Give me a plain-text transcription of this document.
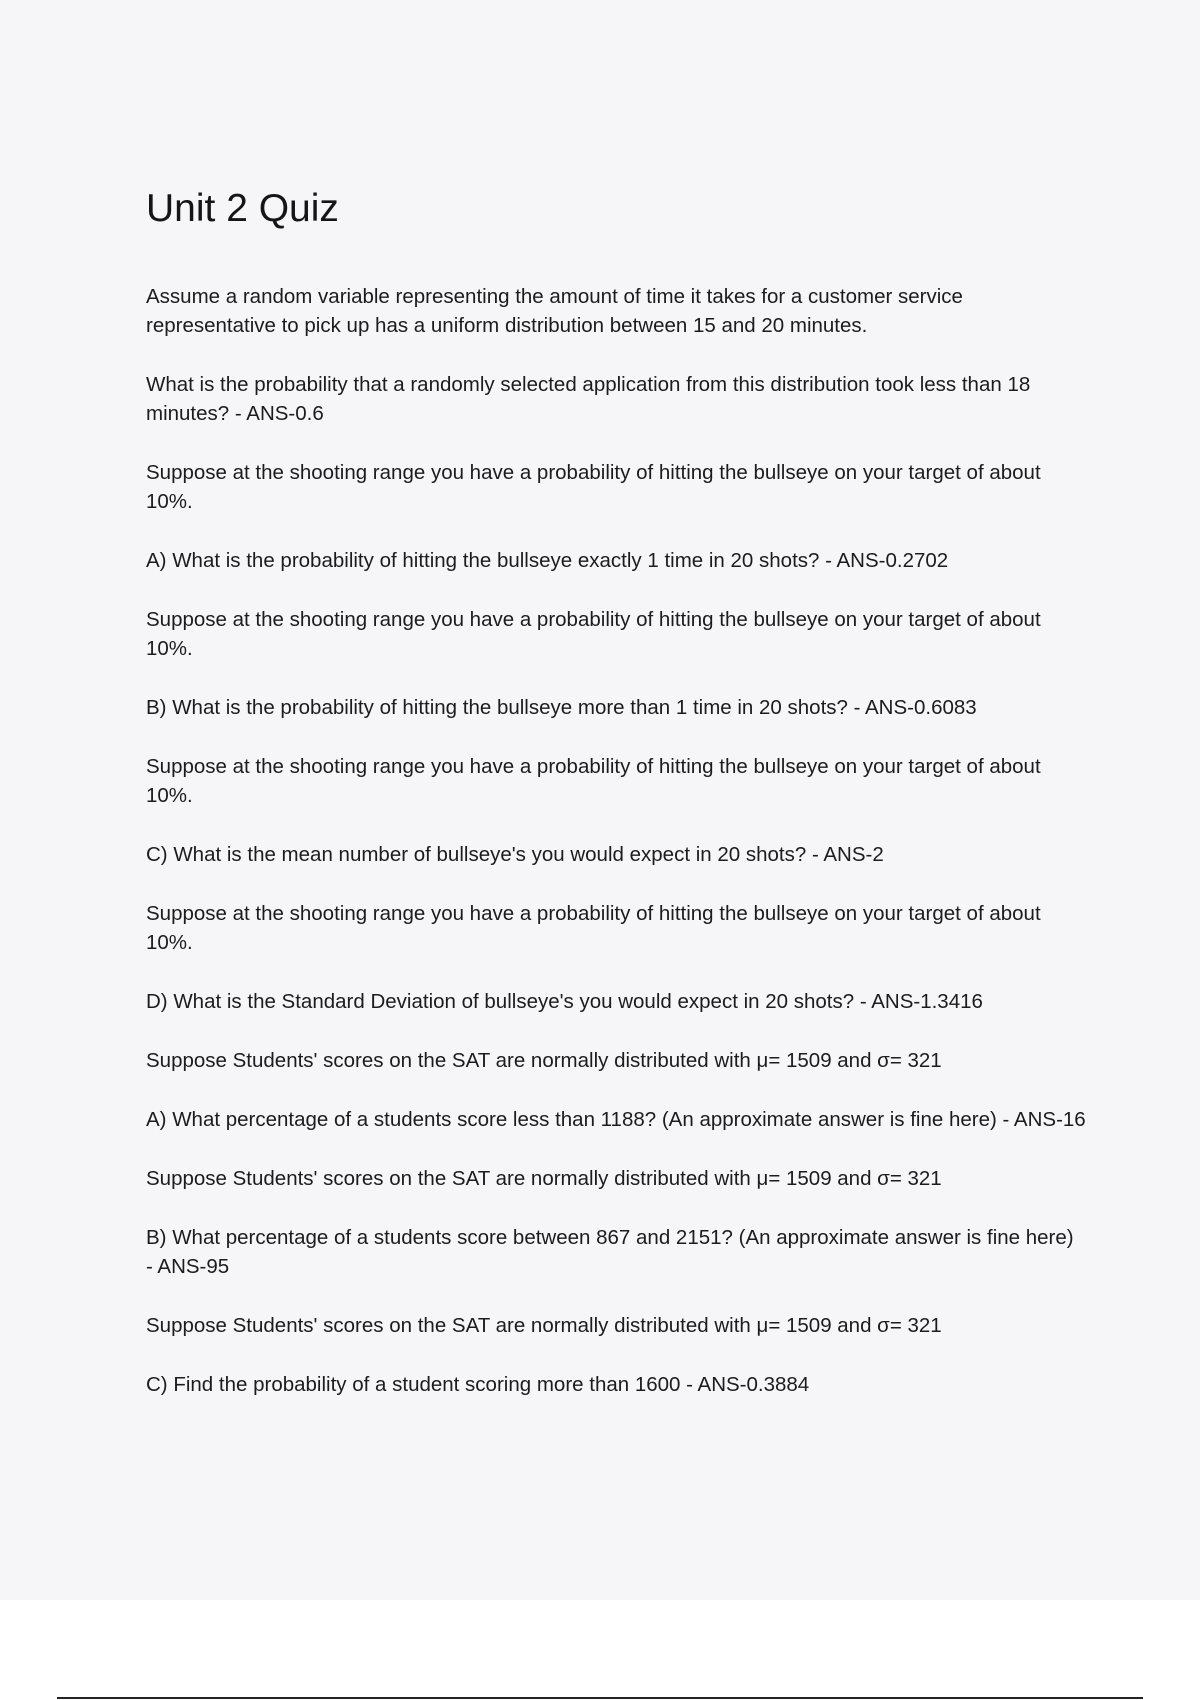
Unit 2 Quiz

Assume a random variable representing the amount of time it takes for a customer service representative to pick up has a uniform distribution between 15 and 20 minutes.

What is the probability that a randomly selected application from this distribution took less than 18 minutes? - ANS-0.6

Suppose at the shooting range you have a probability of hitting the bullseye on your target of about 10%.

A) What is the probability of hitting the bullseye exactly 1 time in 20 shots? - ANS-0.2702

Suppose at the shooting range you have a probability of hitting the bullseye on your target of about 10%.

B) What is the probability of hitting the bullseye more than 1 time in 20 shots? - ANS-0.6083

Suppose at the shooting range you have a probability of hitting the bullseye on your target of about 10%.

C) What is the mean number of bullseye's you would expect in 20 shots? - ANS-2

Suppose at the shooting range you have a probability of hitting the bullseye on your target of about 10%.

D) What is the Standard Deviation of bullseye's you would expect in 20 shots? - ANS-1.3416

Suppose Students' scores on the SAT are normally distributed with μ= 1509 and σ= 321

A) What percentage of a students score less than 1188? (An approximate answer is fine here) - ANS-16

Suppose Students' scores on the SAT are normally distributed with μ= 1509 and σ= 321

B) What percentage of a students score between 867 and 2151? (An approximate answer is fine here) - ANS-95

Suppose Students' scores on the SAT are normally distributed with μ= 1509 and σ= 321

C) Find the probability of a student scoring more than 1600 - ANS-0.3884
